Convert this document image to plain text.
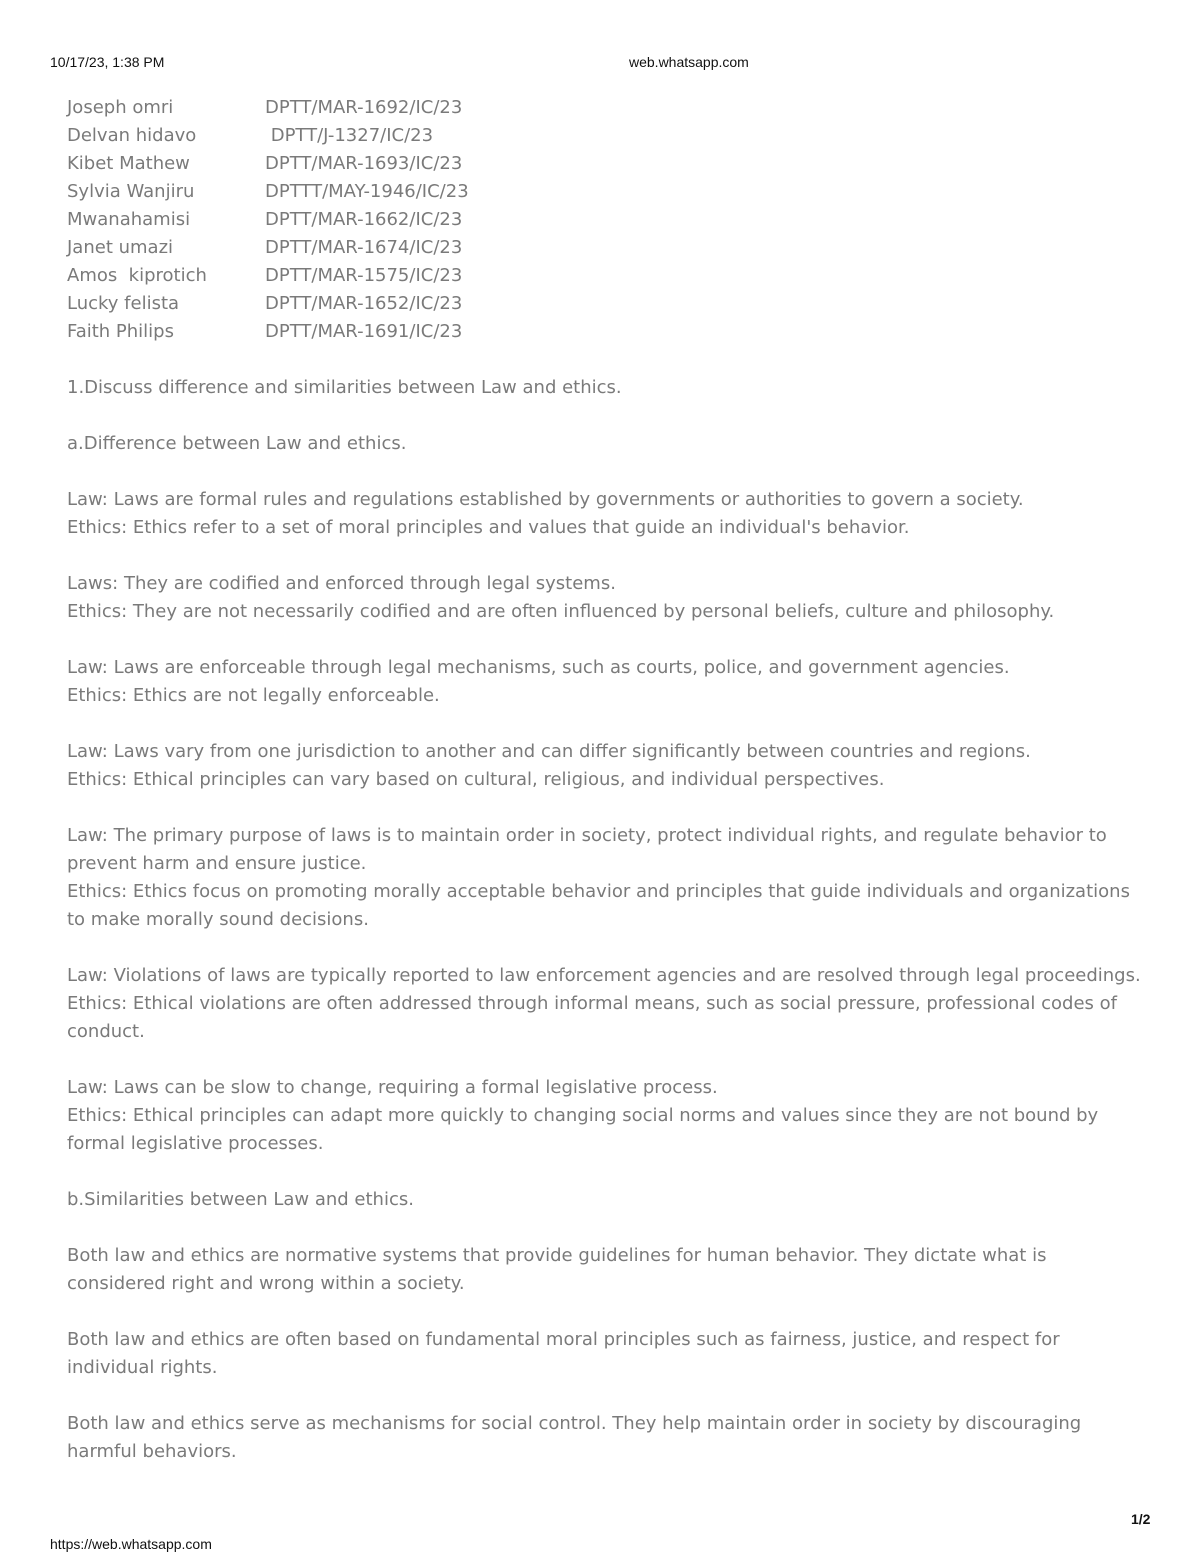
10/17/23, 1:38 PM	web.whatsapp.com
Joseph omri	DPTT/MAR-1692/IC/23
Delvan hidavo	DPTT/J-1327/IC/23
Kibet Mathew	DPTT/MAR-1693/IC/23
Sylvia Wanjiru	DPTTT/MAY-1946/IC/23
Mwanahamisi	DPTT/MAR-1662/IC/23
Janet umazi	DPTT/MAR-1674/IC/23
Amos  kiprotich	DPTT/MAR-1575/IC/23
Lucky felista	DPTT/MAR-1652/IC/23
Faith Philips	DPTT/MAR-1691/IC/23

1.Discuss difference and similarities between Law and ethics.

a.Difference between Law and ethics.

Law: Laws are formal rules and regulations established by governments or authorities to govern a society.

Ethics: Ethics refer to a set of moral principles and values that guide an individual's behavior.

Laws: They are codified and enforced through legal systems.

Ethics: They are not necessarily codified and are often influenced by personal beliefs, culture and philosophy.

Law: Laws are enforceable through legal mechanisms, such as courts, police, and government agencies.

Ethics: Ethics are not legally enforceable.

Law: Laws vary from one jurisdiction to another and can differ significantly between countries and regions.

Ethics: Ethical principles can vary based on cultural, religious, and individual perspectives.

Law: The primary purpose of laws is to maintain order in society, protect individual rights, and regulate behavior to prevent harm and ensure justice.

Ethics: Ethics focus on promoting morally acceptable behavior and principles that guide individuals and organizations to make morally sound decisions.

Law: Violations of laws are typically reported to law enforcement agencies and are resolved through legal proceedings.

Ethics: Ethical violations are often addressed through informal means, such as social pressure, professional codes of conduct.

Law: Laws can be slow to change, requiring a formal legislative process.

Ethics: Ethical principles can adapt more quickly to changing social norms and values since they are not bound by formal legislative processes.

b.Similarities between Law and ethics.

Both law and ethics are normative systems that provide guidelines for human behavior. They dictate what is considered right and wrong within a society.

Both law and ethics are often based on fundamental moral principles such as fairness, justice, and respect for individual rights.

Both law and ethics serve as mechanisms for social control. They help maintain order in society by discouraging harmful behaviors.

1/2
https://web.whatsapp.com
